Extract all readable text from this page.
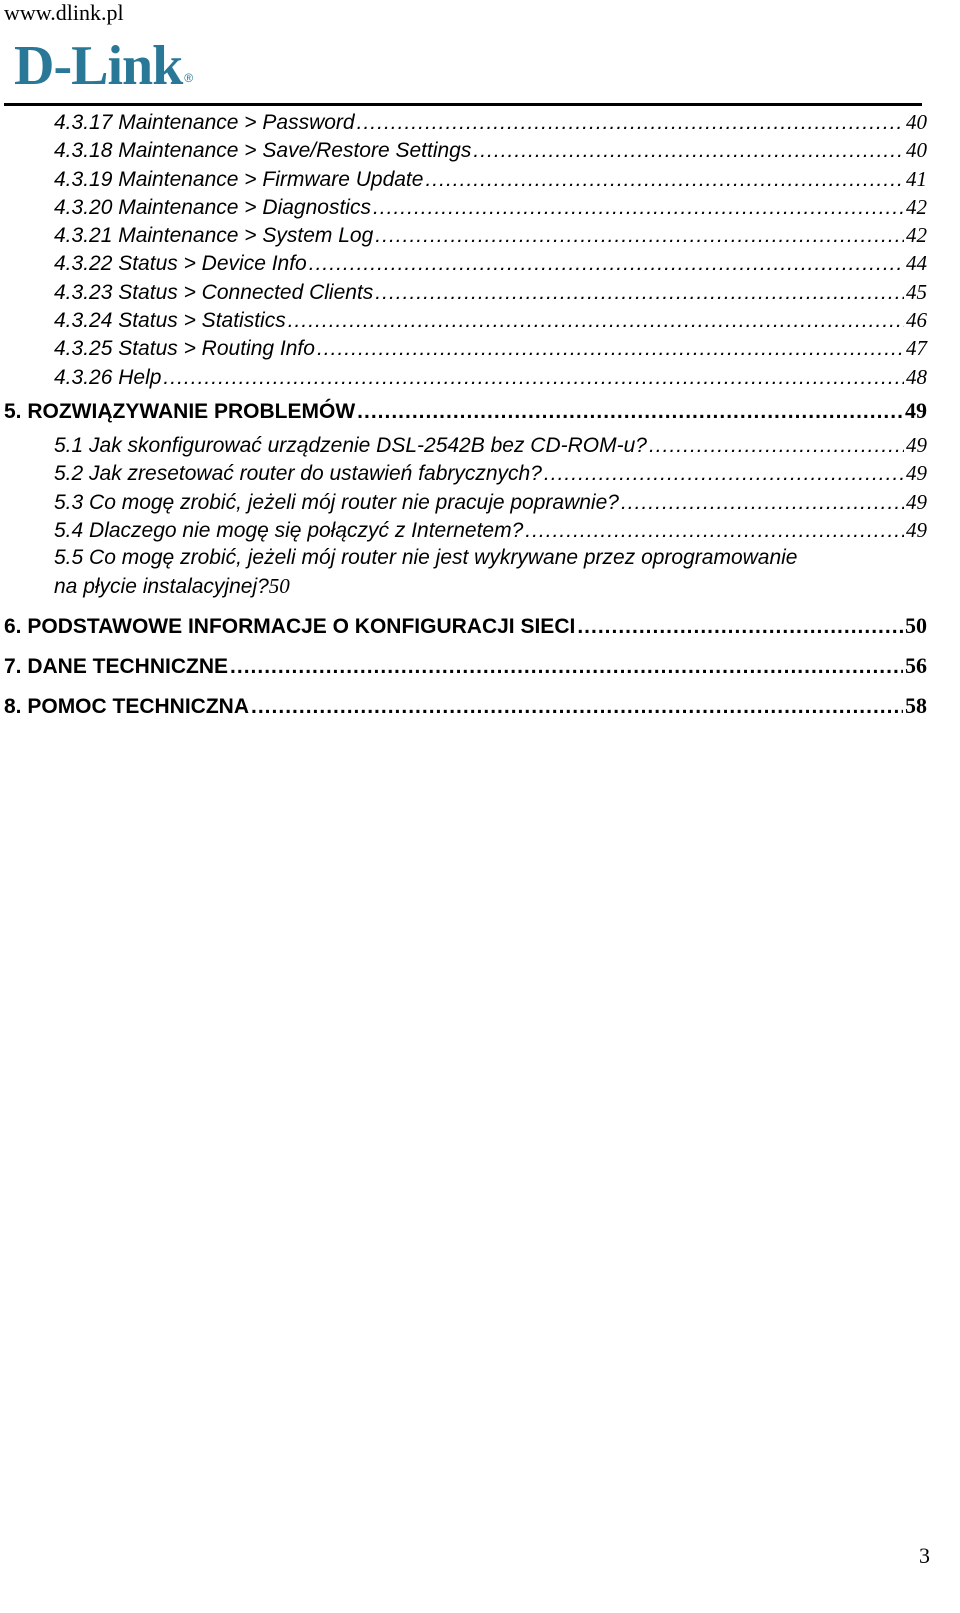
www.dlink.pl
D-Link ®
4.3.17 Maintenance > Password .....	40
4.3.18 Maintenance > Save/Restore Settings .....	40
4.3.19 Maintenance > Firmware Update .....	41
4.3.20 Maintenance > Diagnostics .....	42
4.3.21 Maintenance > System Log .....	42
4.3.22 Status > Device Info .....	44
4.3.23 Status > Connected Clients .....	45
4.3.24 Status > Statistics .....	46
4.3.25 Status > Routing Info .....	47
4.3.26 Help .....	48
5. ROZWIĄZYWANIE PROBLEMÓW .....	49
5.1 Jak skonfigurować urządzenie DSL-2542B bez CD-ROM-u? .....	49
5.2 Jak zresetować router do ustawień fabrycznych? .....	49
5.3 Co mogę zrobić, jeżeli mój router nie pracuje poprawnie? .....	49
5.4 Dlaczego nie mogę się połączyć z Internetem? .....	49
5.5 Co mogę zrobić, jeżeli mój router nie jest wykrywane przez oprogramowanie
na płycie instalacyjnej? 50
6. PODSTAWOWE INFORMACJE O KONFIGURACJI SIECI .....	50
7. DANE TECHNICZNE .....	56
8. POMOC TECHNICZNA .....	58
3
